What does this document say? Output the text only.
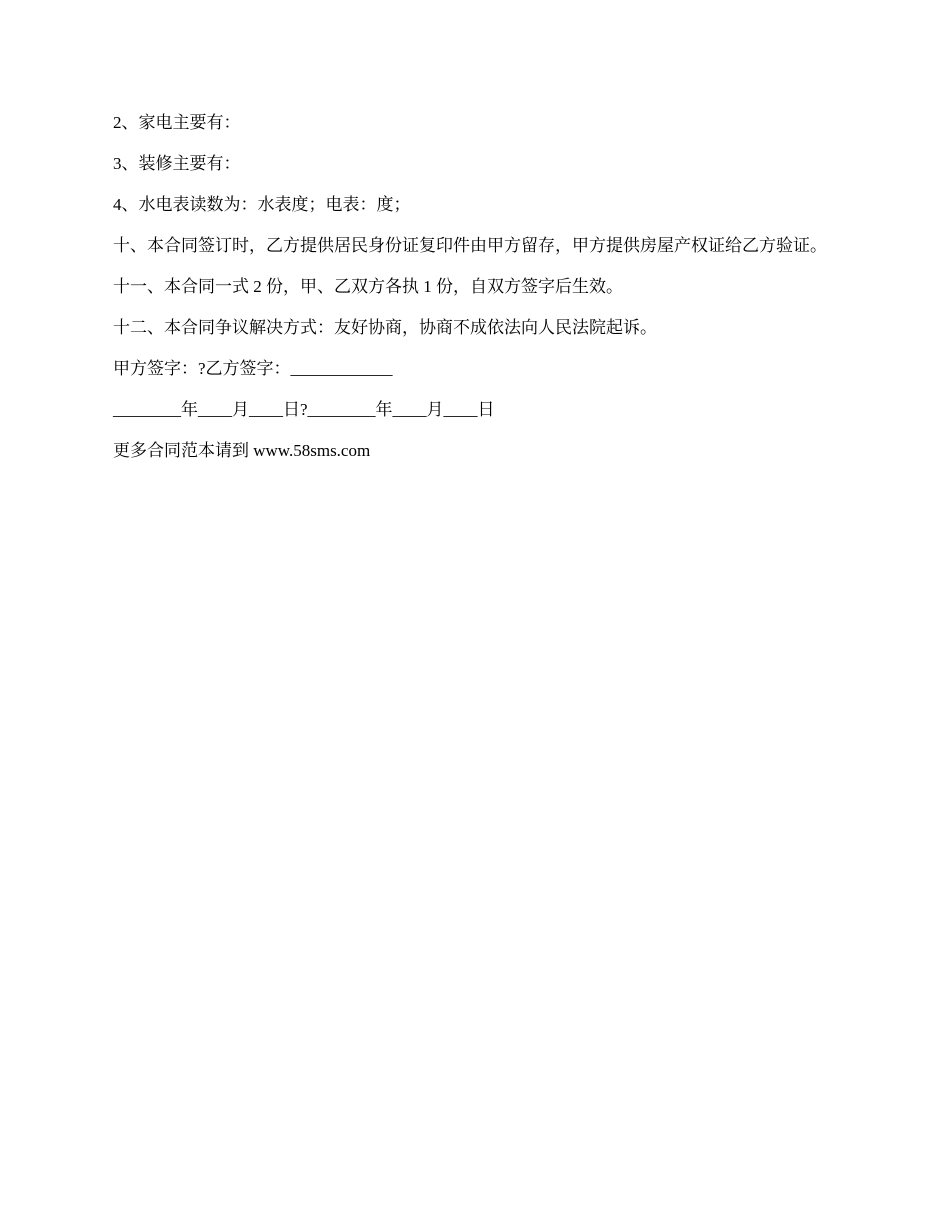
2、家电主要有：

3、装修主要有：

4、水电表读数为：水表度；电表：度；

十、本合同签订时，乙方提供居民身份证复印件由甲方留存，甲方提供房屋产权证给乙方验证。

十一、本合同一式 2 份，甲、乙双方各执 1 份，自双方签字后生效。

十二、本合同争议解决方式：友好协商，协商不成依法向人民法院起诉。

甲方签字：?乙方签字：____________

________年____月____日?________年____月____日

更多合同范本请到 www.58sms.com
